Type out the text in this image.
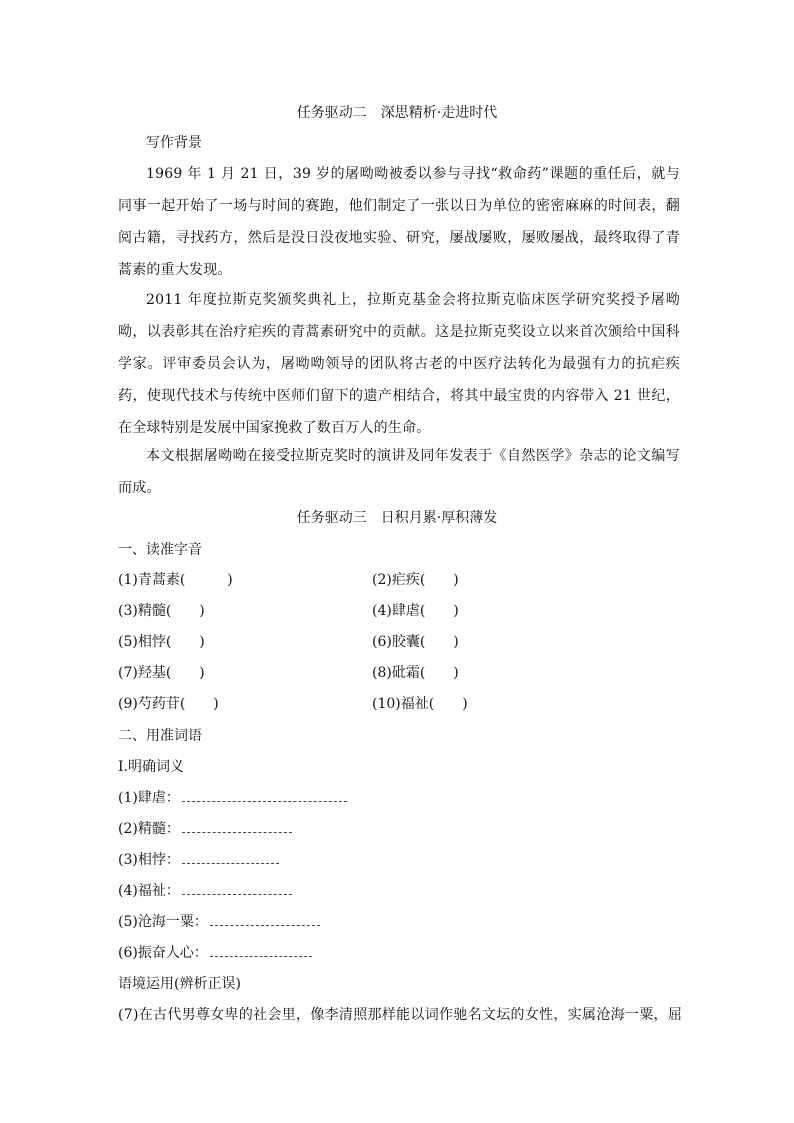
任务驱动二　深思精析·走进时代
写作背景
1969 年 1 月 21 日，39 岁的屠呦呦被委以参与寻找“救命药”课题的重任后，就与同事一起开始了一场与时间的赛跑，他们制定了一张以日为单位的密密麻麻的时间表，翻阅古籍，寻找药方，然后是没日没夜地实验、研究，屡战屡败，屡败屡战，最终取得了青蒿素的重大发现。
2011 年度拉斯克奖颁奖典礼上，拉斯克基金会将拉斯克临床医学研究奖授予屠呦呦，以表彰其在治疗疟疾的青蒿素研究中的贡献。这是拉斯克奖设立以来首次颁给中国科学家。评审委员会认为，屠呦呦领导的团队将古老的中医疗法转化为最强有力的抗疟疾药，使现代技术与传统中医师们留下的遗产相结合，将其中最宝贵的内容带入 21 世纪，在全球特别是发展中国家挽救了数百万人的生命。
本文根据屠呦呦在接受拉斯克奖时的演讲及同年发表于《自然医学》杂志的论文编写而成。
任务驱动三　日积月累·厚积薄发
一、读准字音
(1)青蒿素(　　　)	(2)疟疾(　　)
(3)精髓(　　)	(4)肆虐(　　)
(5)相悖(　　)	(6)胶囊(　　)
(7)羟基(　　)	(8)砒霜(　　)
(9)芍药苷(　　)	(10)福祉(　　)
二、用准词语
Ⅰ.明确词义
(1)肆虐：
(2)精髓：
(3)相悖：
(4)福祉：
(5)沧海一粟：
(6)振奋人心：
语境运用(辨析正误)
(7)在古代男尊女卑的社会里，像李清照那样能以词作驰名文坛的女性，实属沧海一粟，屈
